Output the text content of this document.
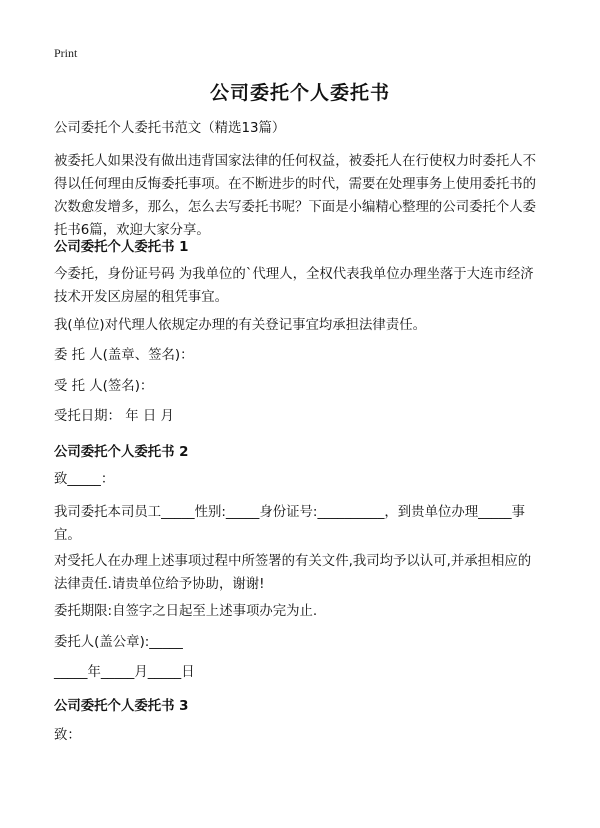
Print
公司委托个人委托书
公司委托个人委托书范文（精选13篇）
被委托人如果没有做出违背国家法律的任何权益，被委托人在行使权力时委托人不
得以任何理由反悔委托事项。在不断进步的时代，需要在处理事务上使用委托书的
次数愈发增多，那么，怎么去写委托书呢？下面是小编精心整理的公司委托个人委
托书6篇，欢迎大家分享。
公司委托个人委托书 1
今委托，身份证号码 为我单位的`代理人，全权代表我单位办理坐落于大连市经济
技术开发区房屋的租凭事宜。
我(单位)对代理人依规定办理的有关登记事宜均承担法律责任。
委 托 人(盖章、签名)：
受 托 人(签名)：
受托日期： 年 日 月
公司委托个人委托书 2
致_____：
我司委托本司员工_____性别:_____身份证号:__________，到贵单位办理_____事
宜。
对受托人在办理上述事项过程中所签署的有关文件,我司均予以认可,并承担相应的
法律责任.请贵单位给予协助，谢谢!
委托期限:自签字之日起至上述事项办完为止.
委托人(盖公章):_____
_____年_____月_____日
公司委托个人委托书 3
致：
